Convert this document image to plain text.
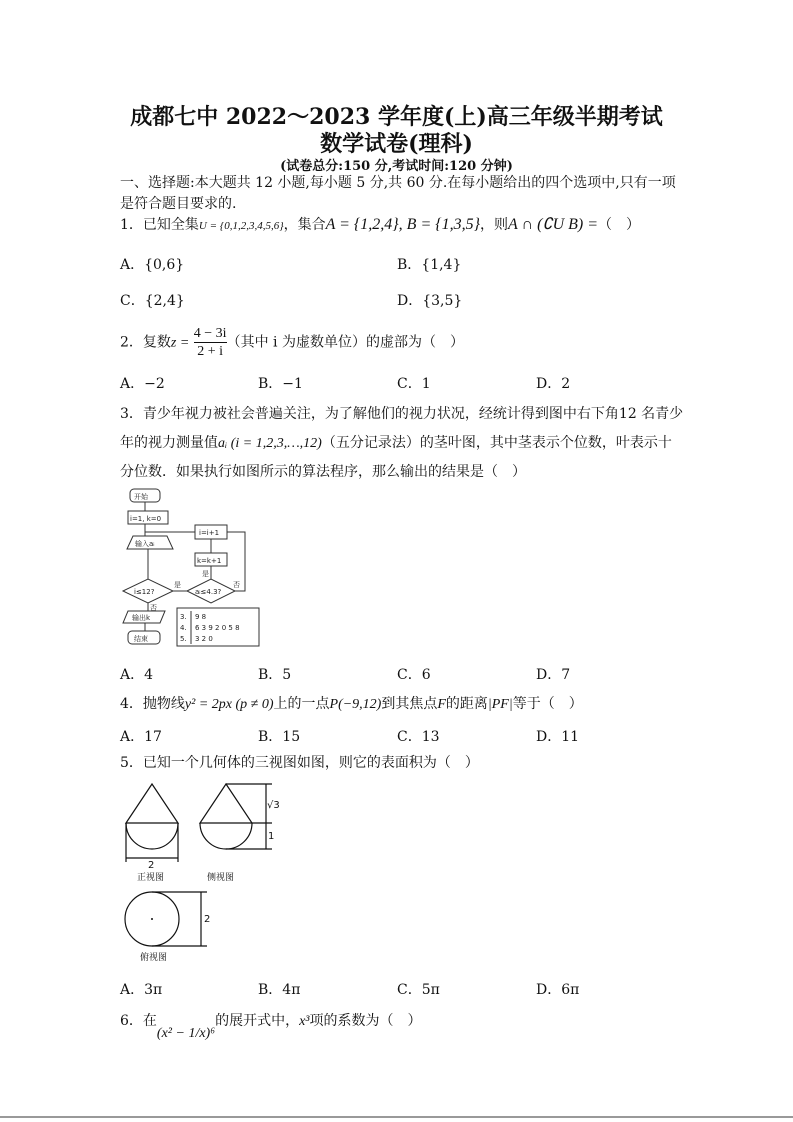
成都七中 2022～2023 学年度(上)高三年级半期考试
数学试卷(理科)
(试卷总分:150 分,考试时间:120 分钟)
一、选择题:本大题共 12 小题,每小题 5 分,共 60 分.在每小题给出的四个选项中,只有一项
是符合题目要求的.
1．已知全集U = {0,1,2,3,4,5,6}，集合A = {1,2,4}, B = {1,3,5}，则A ∩ (∁U B) =（　）
A．{0,6}	B．{1,4}
C．{2,4}	D．{3,5}
2．复数$z = \frac{4 - 3i}{2 + i}$ （其中 i 为虚数单位）的虚部为（　）
A．−2	B．−1	C．1	D．2
3．青少年视力被社会普遍关注，为了解他们的视力状况，经统计得到图中右下角12 名青少
年的视力测量值aᵢ (i = 1,2,3,…,12)（五分记录法）的茎叶图，其中茎表示个位数，叶表示十
分位数．如果执行如图所示的算法程序，那么输出的结果是（　）
开始
i=1, k=0
输入aᵢ
i≤12?	aᵢ≤4.3?
k=k+1
i=i+1
是
否
是
否
输出k
结束
3. 9 8
4. 6 3 9 2 0 5 8
5. 3 2 0
A．4	B．5	C．6	D．7
4．抛物线y² = 2px (p ≠ 0)上的一点P(−9,12)到其焦点F的距离|PF|等于（　）
A．17	B．15	C．13	D．11
5．已知一个几何体的三视图如图，则它的表面积为（　）
2
√3
1
2
正视图	侧视图
俯视图
A．3π	B．4π	C．5π	D．6π
6．在(x² − 1/x)⁶的展开式中，x³项的系数为（　）
